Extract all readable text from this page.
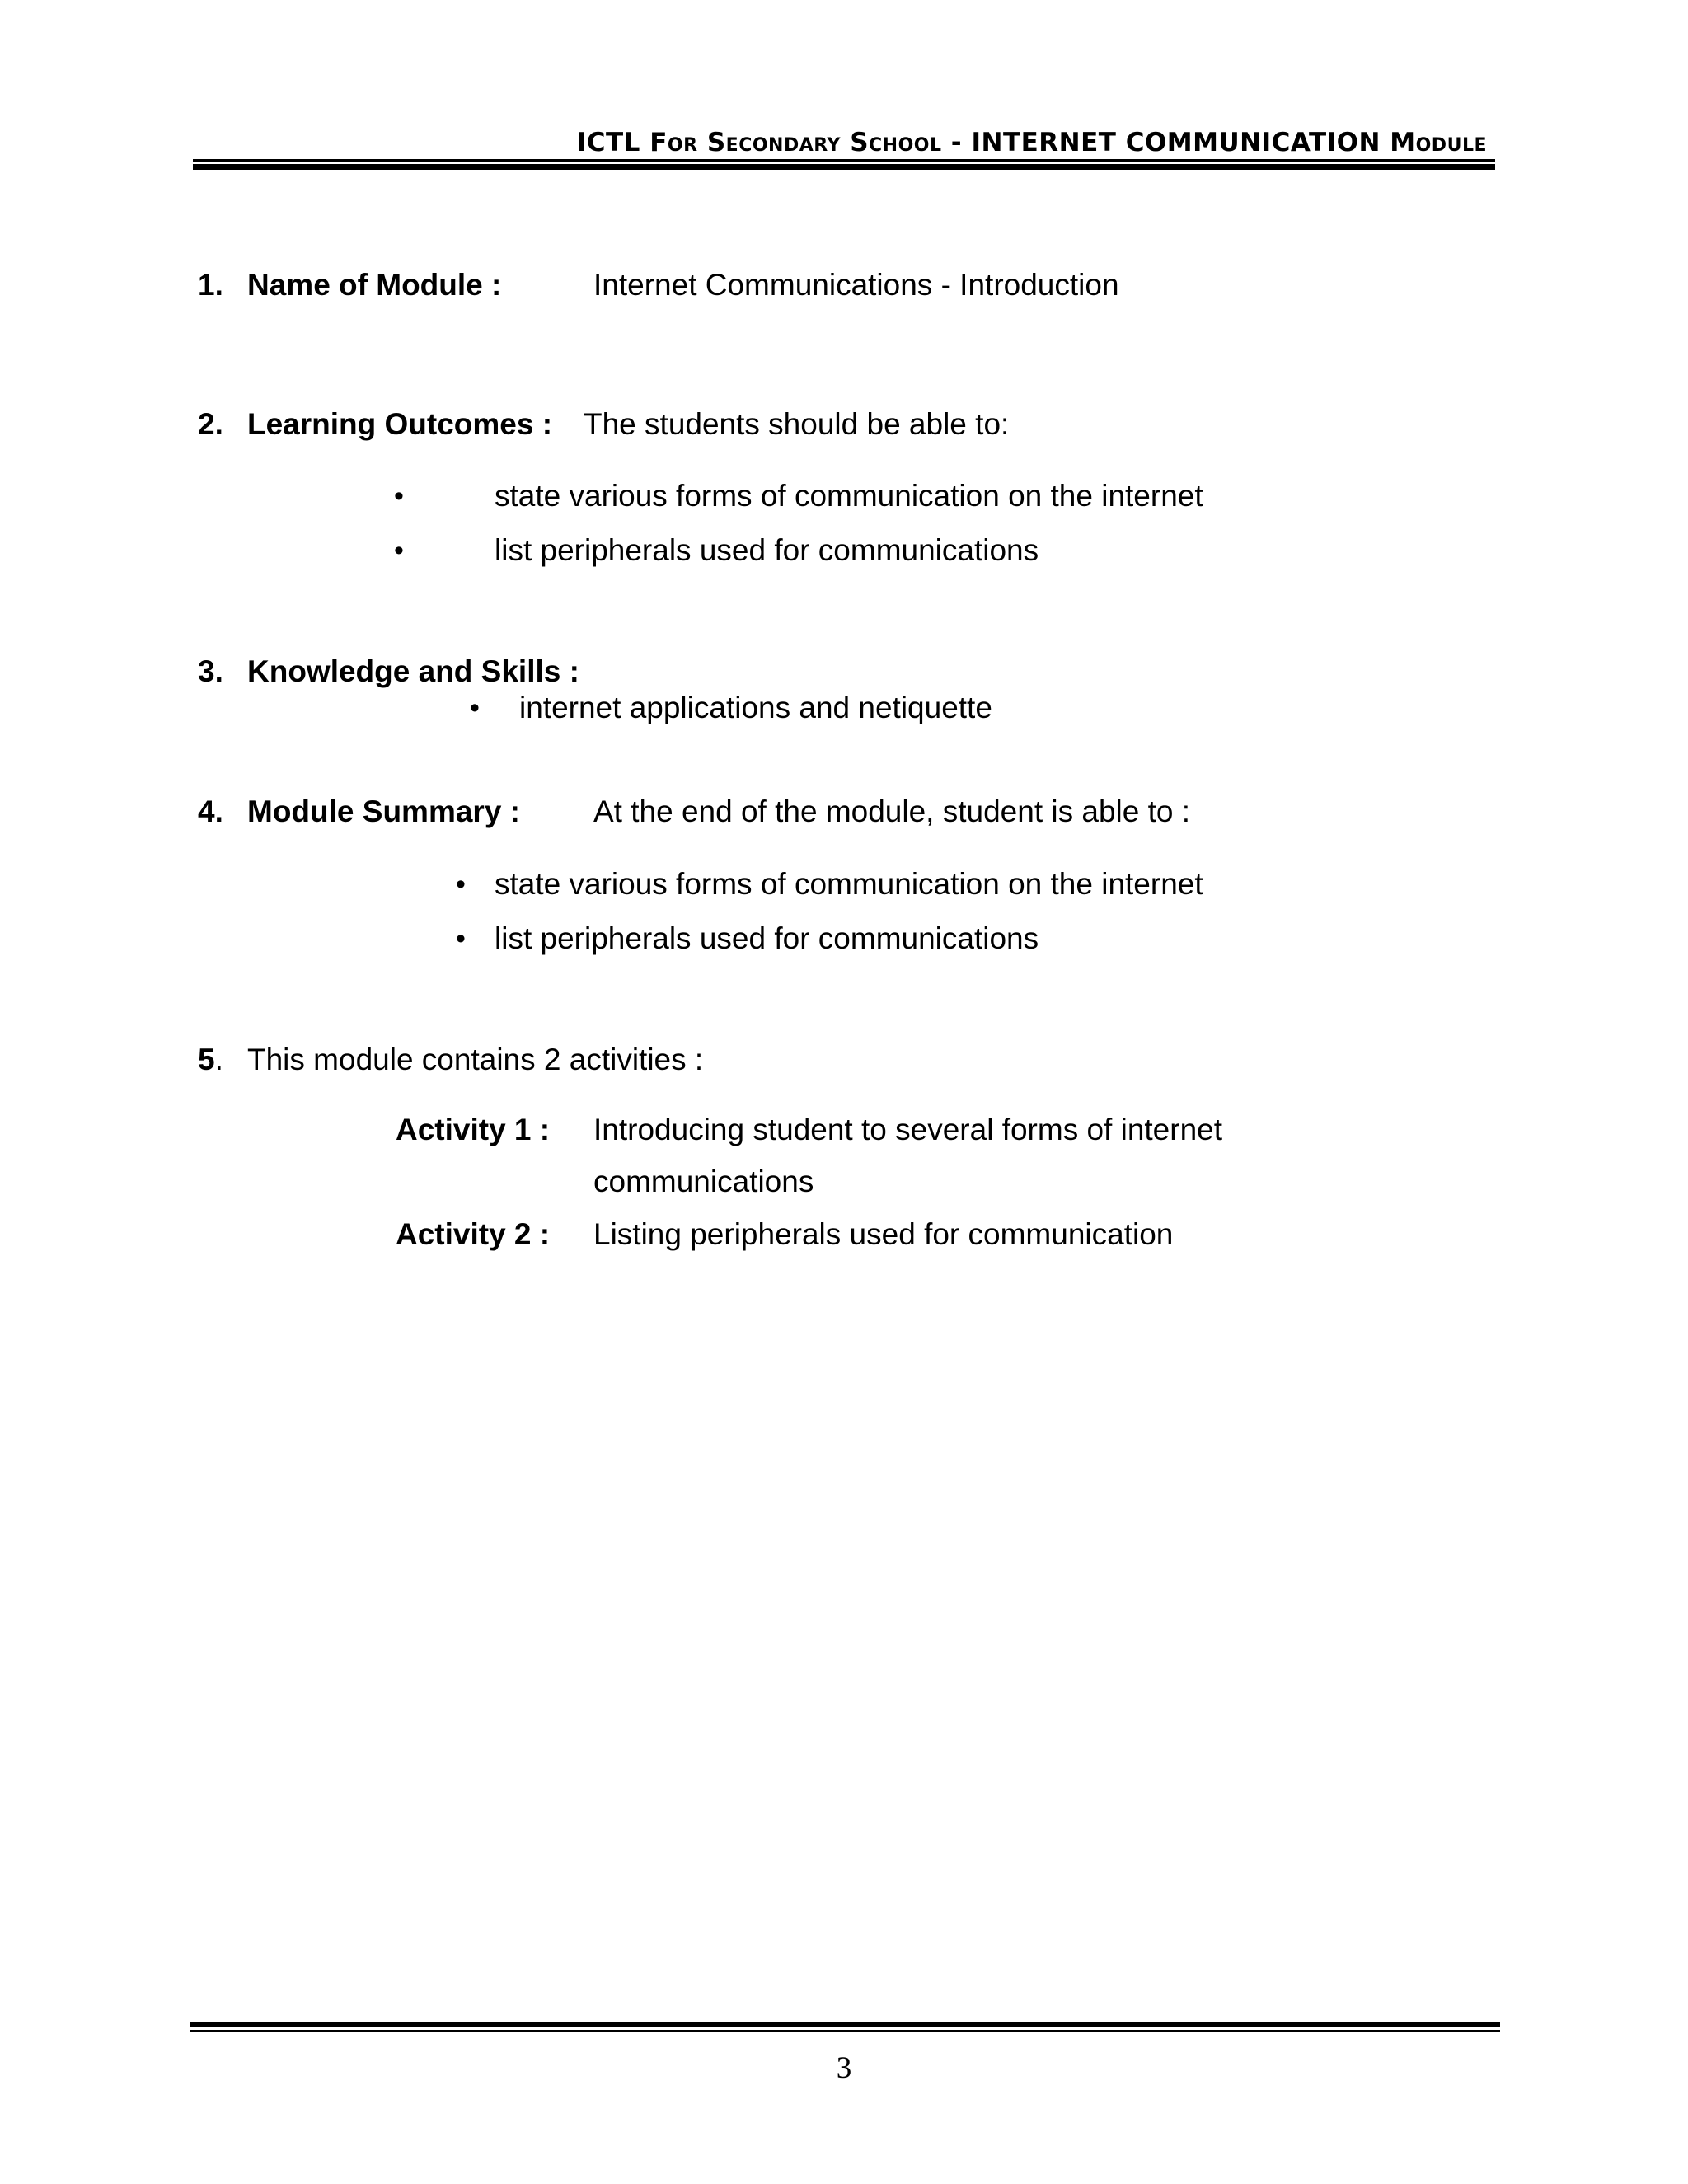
ICTL For Secondary School - INTERNET COMMUNICATION Module
1. Name of Module :	Internet Communications - Introduction
2. Learning Outcomes : The students should be able to:
•	state various forms of communication on the internet
•	list peripherals used for communications
3. Knowledge and Skills :
• internet applications and netiquette
4. Module Summary : At the end of the module, student is able to :
• state various forms of communication on the internet
• list peripherals used for communications
5. This module contains 2 activities :
Activity 1 : Introducing student to several forms of internet
communications
Activity 2 : Listing peripherals used for communication
3
